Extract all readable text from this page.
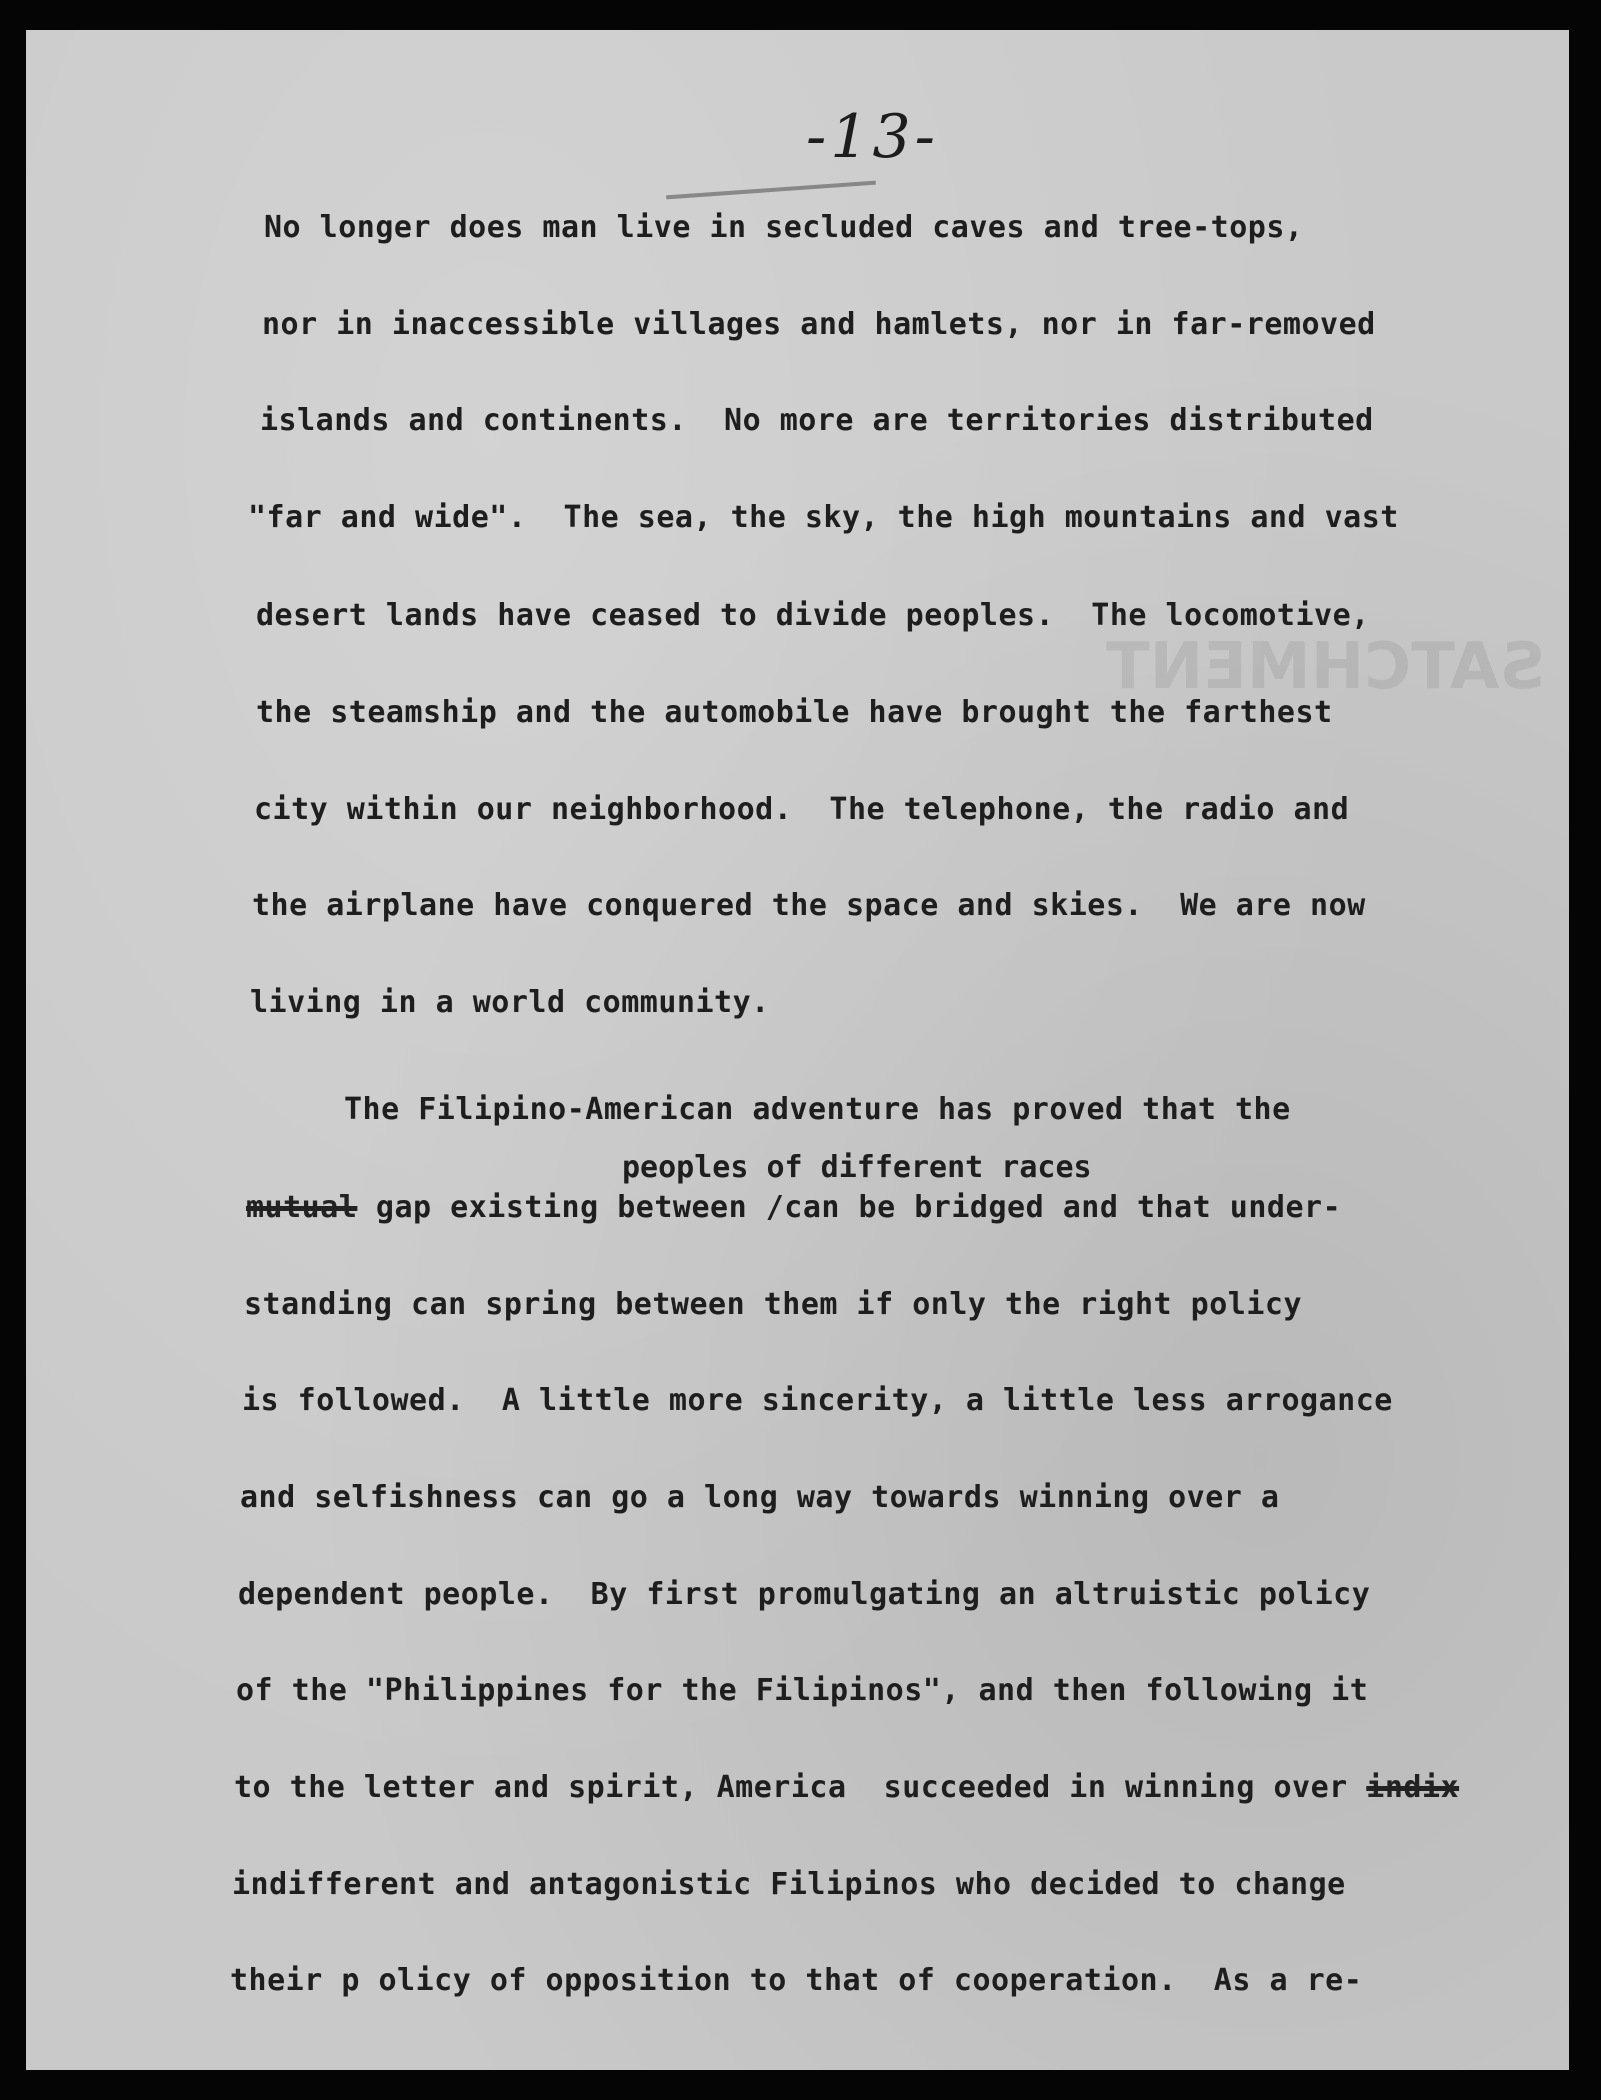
SATCHMENT
-13-
No longer does man live in secluded caves and tree-tops,
nor in inaccessible villages and hamlets, nor in far-removed
islands and continents.  No more are territories distributed
"far and wide".  The sea, the sky, the high mountains and vast
desert lands have ceased to divide peoples.  The locomotive,
the steamship and the automobile have brought the farthest
city within our neighborhood.  The telephone, the radio and
the airplane have conquered the space and skies.  We are now
living in a world community.
The Filipino-American adventure has proved that the
peoples of different races
mutual gap existing between /can be bridged and that under-
standing can spring between them if only the right policy
is followed.  A little more sincerity, a little less arrogance
and selfishness can go a long way towards winning over a
dependent people.  By first promulgating an altruistic policy
of the "Philippines for the Filipinos", and then following it
to the letter and spirit, America  succeeded in winning over indix
indifferent and antagonistic Filipinos who decided to change
their p olicy of opposition to that of cooperation.  As a re-
